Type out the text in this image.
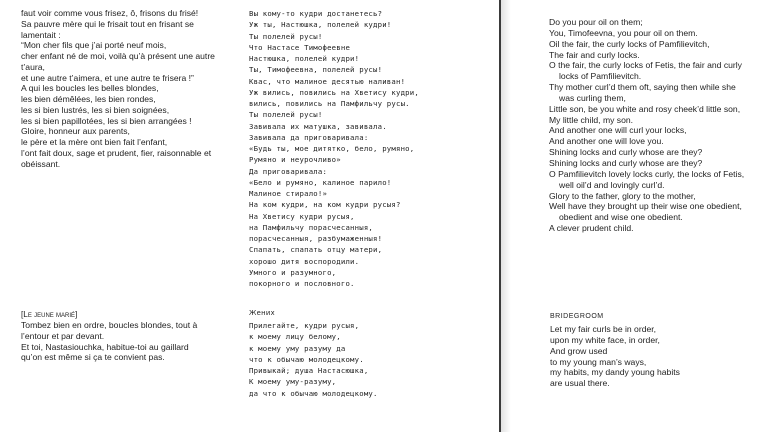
faut voir comme vous frisez, ô, frisons du frisé!
Sa pauvre mère qui le frisait tout en frisant se
lamentait :
“Mon cher fils que j’ai porté neuf mois,
cher enfant né de moi, voilà qu’à présent une autre
t’aura,
et une autre t’aimera, et une autre te frisera !”
A qui les boucles les belles blondes,
les bien démêlées, les bien rondes,
les si bien lustrés, les si bien soignées,
les si bien papillotées, les si bien arrangées !
Gloire, honneur aux parents,
le père et la mère ont bien fait l’enfant,
l’ont fait doux, sage et prudent, fier, raisonnable et
obéissant.

[Le jeune marié]

Tombez bien en ordre, boucles blondes, tout à
l’entour et par devant.
Et toi, Nastasiouchka, habitue-toi au gaillard
qu’on est même si ça te convient pas.
Вы кому-то кудри достанетесь?
Уж ты, Настюшка, полелей кудри!
Ты полелей русы!
Что Настасе Тимофеевне
Настюшка, полелей кудри!
Ты, Тимофеевна, полелей русы!
Квас, что малиное десятью наливан!
Уж вились, повились на Хветису кудри,
вились, повились на Памфильчу русы.
Ты полелей русы!
Завивала их матушка, завивала.
Завивала да приговаривала:
«Будь ты, мое дитятко, бело, румяно,
Румяно и неурочливо»
Да приговаривала:
«Бело и румяно, калиное парило!
Малиное стирало!»
На ком кудри, на ком кудри русыя?
На Хветису кудри русыя,
на Памфильчу порасчесанныя,
порасчесанныя, разбумаженныя!
Спапать, спапать отцу матери,
хорошо дитя воспородили.
Умного и разумного,
покорного и пословного.

Жених

Прилегайте, кудри русыя,
к моему лицу белому,
к моему уму разуму да
что к обычаю молодецкому.
Привыкай; душа Настасюшка,
К моему уму-разуму,
да что к обычаю молодецкому.
Do you pour oil on them;
You, Timofeevna, you pour oil on them.
Oil the fair, the curly locks of Pamfilievitch,
The fair and curly locks.
O the fair, the curly locks of Fetis, the fair and curly
locks of Pamfilievitch.
Thy mother curl’d them oft, saying then while she
was curling them,
Little son, be you white and rosy cheek’d little son,
My little child, my son.
And another one will curl your locks,
And another one will love you.
Shining locks and curly whose are they?
Shining locks and curly whose are they?
O Pamfilievitch lovely locks curly, the locks of Fetis,
well oil’d and lovingly curl’d.
Glory to the father, glory to the mother,
Well have they brought up their wise one obedient,
obedient and wise one obedient.
A clever prudent child.

BRIDEGROOM

Let my fair curls be in order,
upon my white face, in order,
And grow used
to my young man’s ways,
my habits, my dandy young habits
are usual there.
